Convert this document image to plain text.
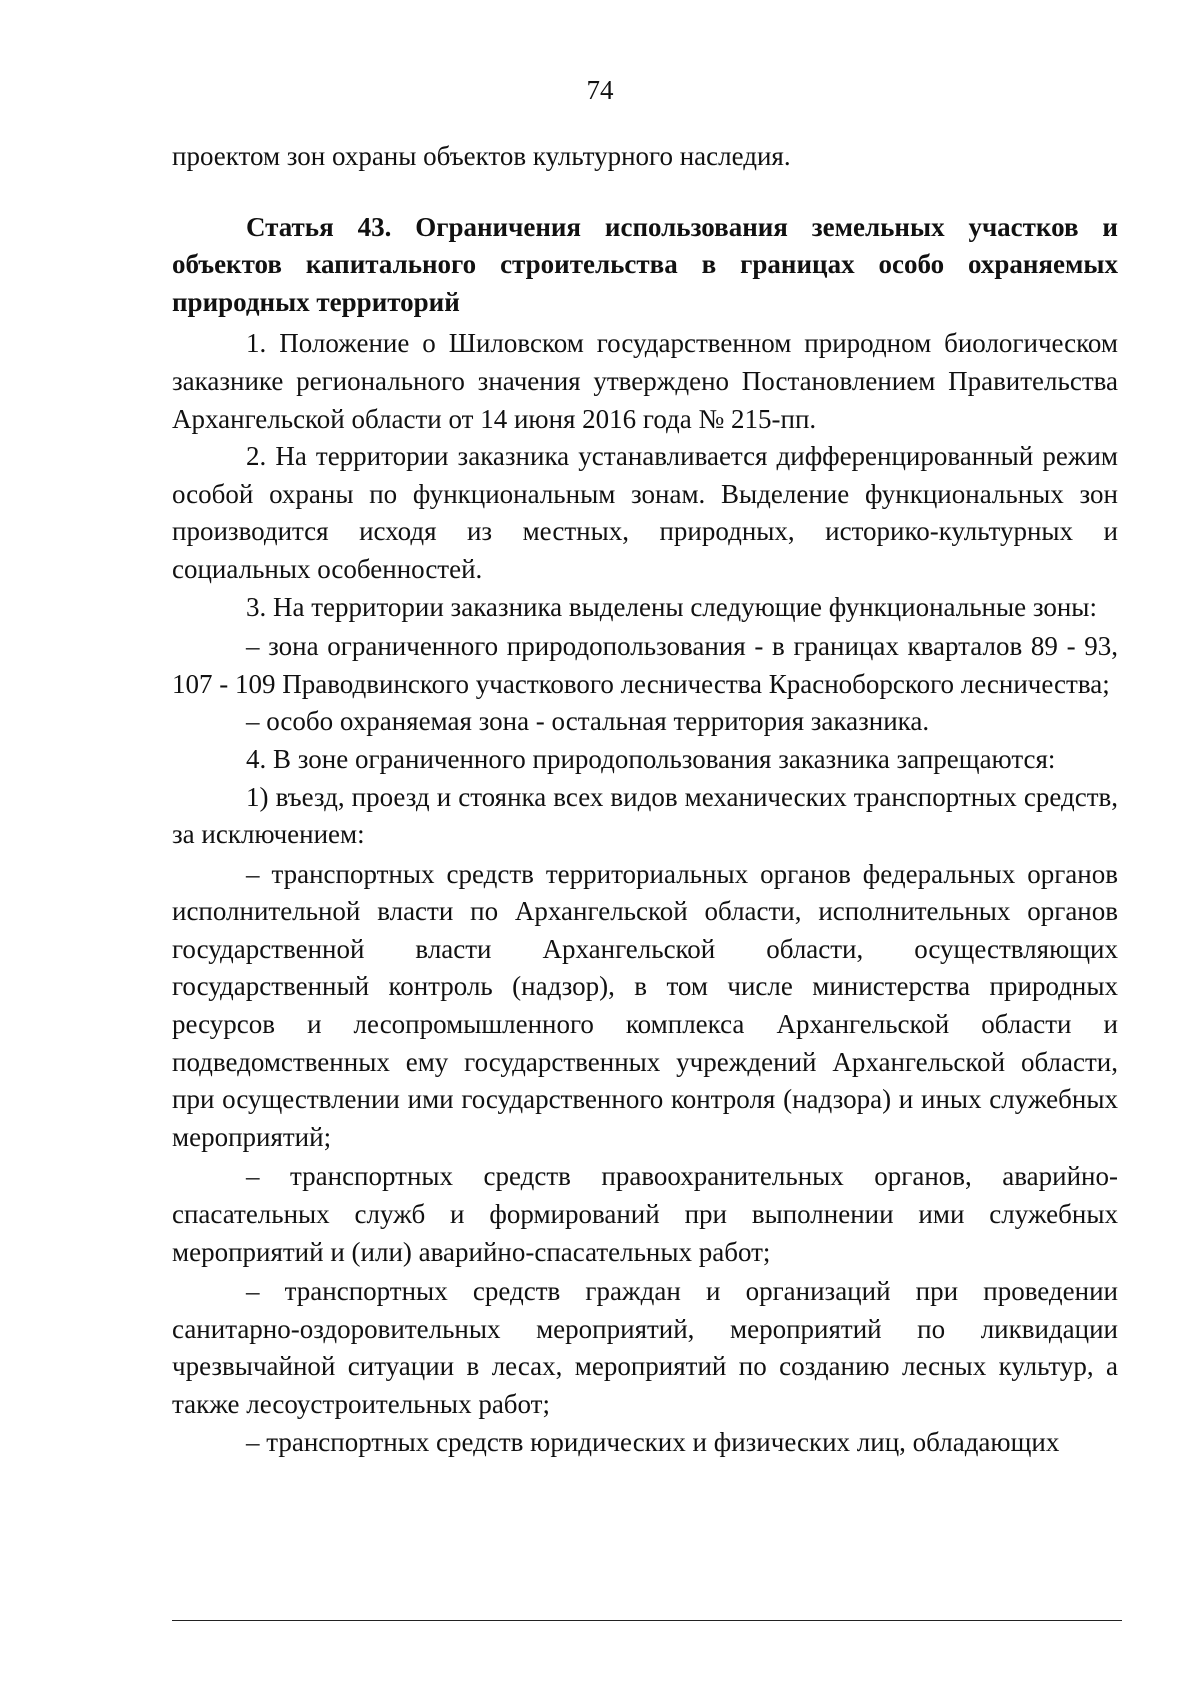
74

проектом зон охраны объектов культурного наследия.

Статья 43. Ограничения использования земельных участков и объектов капитального строительства в границах особо охраняемых природных территорий

1. Положение о Шиловском государственном природном биологическом заказнике регионального значения утверждено Постановлением Правительства Архангельской области от 14 июня 2016 года № 215-пп.

2. На территории заказника устанавливается дифференцированный режим особой охраны по функциональным зонам. Выделение функциональных зон производится исходя из местных, природных, историко-культурных и социальных особенностей.

3. На территории заказника выделены следующие функциональные зоны:

– зона ограниченного природопользования - в границах кварталов 89 - 93, 107 - 109 Праводвинского участкового лесничества Красноборского лесничества;

– особо охраняемая зона - остальная территория заказника.

4. В зоне ограниченного природопользования заказника запрещаются:

1) въезд, проезд и стоянка всех видов механических транспортных средств, за исключением:

– транспортных средств территориальных органов федеральных органов исполнительной власти по Архангельской области, исполнительных органов государственной власти Архангельской области, осуществляющих государственный контроль (надзор), в том числе министерства природных ресурсов и лесопромышленного комплекса Архангельской области и подведомственных ему государственных учреждений Архангельской области, при осуществлении ими государственного контроля (надзора) и иных служебных мероприятий;

– транспортных средств правоохранительных органов, аварийно-спасательных служб и формирований при выполнении ими служебных мероприятий и (или) аварийно-спасательных работ;

– транспортных средств граждан и организаций при проведении санитарно-оздоровительных мероприятий, мероприятий по ликвидации чрезвычайной ситуации в лесах, мероприятий по созданию лесных культур, а также лесоустроительных работ;

– транспортных средств юридических и физических лиц, обладающих
